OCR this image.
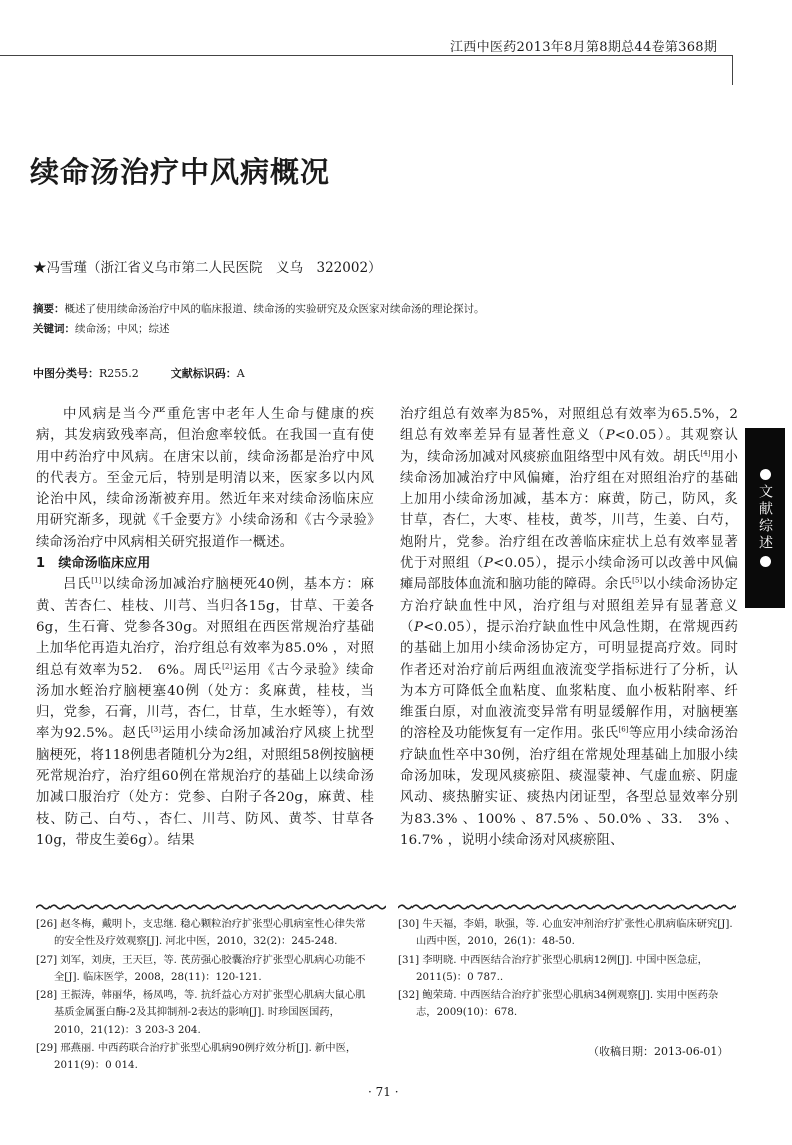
江西中医药2013年8月第8期总44卷第368期
续命汤治疗中风病概况
★冯雪瑾（浙江省义乌市第二人民医院　义乌　322002）
摘要：概述了使用续命汤治疗中风的临床报道、续命汤的实验研究及众医家对续命汤的理论探讨。
关键词：续命汤；中风；综述
中图分类号：R255.2	文献标识码：A

中风病是当今严重危害中老年人生命与健康的疾病，其发病致残率高，但治愈率较低。在我国一直有使用中药治疗中风病。在唐宋以前，续命汤都是治疗中风的代表方。至金元后，特别是明清以来，医家多以内风论治中风，续命汤渐被弃用。然近年来对续命汤临床应用研究渐多，现就《千金要方》小续命汤和《古今录验》续命汤治疗中风病相关研究报道作一概述。

1　续命汤临床应用

吕氏[1]以续命汤加减治疗脑梗死40例，基本方：麻黄、苦杏仁、桂枝、川芎、当归各15g，甘草、干姜各6g，生石膏、党参各30g。对照组在西医常规治疗基础上加华佗再造丸治疗，治疗组总有效率为85.0% ，对照组总有效率为52.　6%。周氏[2]运用《古今录验》续命汤加水蛭治疗脑梗塞40例（处方：炙麻黄，桂枝，当归，党参，石膏，川芎，杏仁，甘草，生水蛭等），有效率为92.5%。赵氏[3]运用小续命汤加减治疗风痰上扰型脑梗死，将118例患者随机分为2组，对照组58例按脑梗死常规治疗，治疗组60例在常规治疗的基础上以续命汤加减口服治疗（处方：党参、白附子各20g，麻黄、桂枝、防己、白芍、，杏仁、川芎、防风、黄芩、甘草各10g，带皮生姜6g）。结果

治疗组总有效率为85%，对照组总有效率为65.5%，2组总有效率差异有显著性意义（P<0.05）。其观察认为，续命汤加减对风痰瘀血阻络型中风有效。胡氏[4]用小续命汤加减治疗中风偏瘫，治疗组在对照组治疗的基础上加用小续命汤加减，基本方：麻黄，防己，防风，炙甘草，杏仁，大枣、桂枝，黄芩，川芎，生姜、白芍，炮附片，党参。治疗组在改善临床症状上总有效率显著优于对照组（P<0.05），提示小续命汤可以改善中风偏瘫局部肢体血流和脑功能的障碍。余氏[5]以小续命汤协定方治疗缺血性中风，治疗组与对照组差异有显著意义（P<0.05），提示治疗缺血性中风急性期，在常规西药的基础上加用小续命汤协定方，可明显提高疗效。同时作者还对治疗前后两组血液流变学指标进行了分析，认为本方可降低全血粘度、血浆粘度、血小板粘附率、纤维蛋白原，对血液流变异常有明显缓解作用，对脑梗塞的溶栓及功能恢复有一定作用。张氏[6]等应用小续命汤治疗缺血性卒中30例，治疗组在常规处理基础上加服小续命汤加味，发现风痰瘀阻、痰湿蒙神、气虚血瘀、阴虚风动、痰热腑实证、痰热内闭证型，各型总显效率分别为83.3% 、100% 、87.5% 、50.0% 、33.　3% 、16.7% ，说明小续命汤对风痰瘀阻、

文献综述

[26] 赵冬梅，戴明卜，支忠继. 稳心颗粒治疗扩张型心肌病室性心律失常的安全性及疗效观察[J]. 河北中医，2010，32(2)：245-248.

[27] 刘军，刘庚，王天巨，等. 芪苈强心胶囊治疗扩张型心肌病心功能不全[J]. 临床医学，2008，28(11)：120-121.

[28] 王振涛，韩丽华，杨凤鸣，等. 抗纤益心方对扩张型心肌病大鼠心肌基质金属蛋白酶-2及其抑制剂-2表达的影响[J]. 时珍国医国药，2010，21(12)：3 203-3 204.

[29] 邢燕丽. 中西药联合治疗扩张型心肌病90例疗效分析[J]. 新中医，2011(9)：0 014.

[30] 牛天福，李娟，耿强，等. 心血安冲剂治疗扩张性心肌病临床研究[J]. 山西中医，2010，26(1)：48-50.

[31] 李明晓. 中西医结合治疗扩张型心肌病12例[J]. 中国中医急症，2011(5)：0 787..

[32] 鲍荣琦. 中西医结合治疗扩张型心肌病34例观察[J]. 实用中医药杂志，2009(10)：678.

（收稿日期：2013-06-01）
· 71 ·
